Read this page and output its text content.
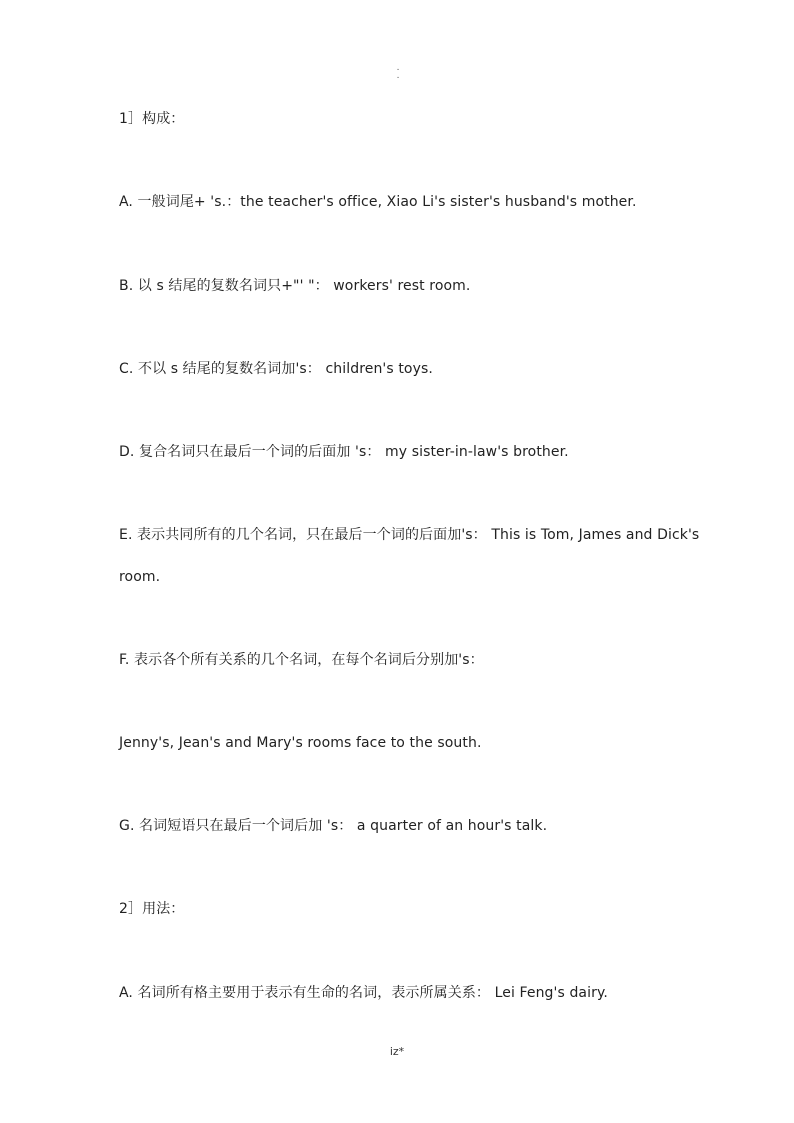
.
.
1］构成：
A. 一般词尾+ 's.：the teacher's office, Xiao Li's sister's husband's mother.
B. 以 s 结尾的复数名词只+"' "： workers' rest room.
C. 不以 s 结尾的复数名词加's： children's toys.
D. 复合名词只在最后一个词的后面加 's： my sister-in-law's brother.
E. 表示共同所有的几个名词，只在最后一个词的后面加's： This is Tom, James and Dick's
room.
F. 表示各个所有关系的几个名词，在每个名词后分别加's：
Jenny's, Jean's and Mary's rooms face to the south.
G. 名词短语只在最后一个词后加 's： a quarter of an hour's talk.
2］用法：
A. 名词所有格主要用于表示有生命的名词，表示所属关系： Lei Feng's dairy.
iz*
